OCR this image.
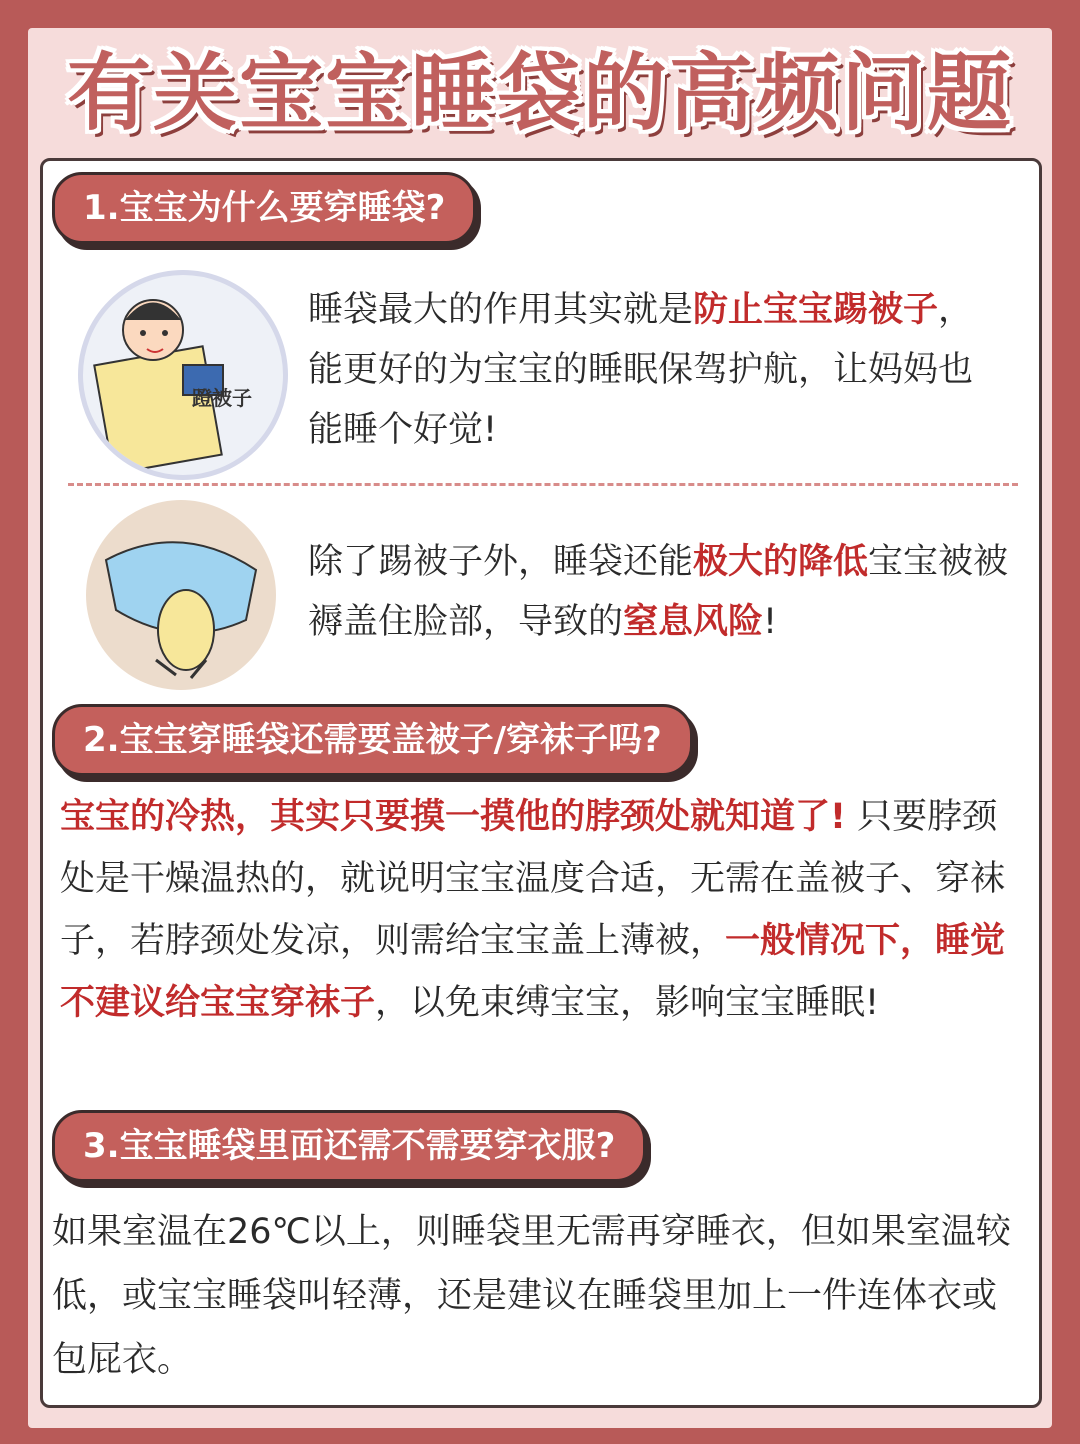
有关宝宝睡袋的高频问题
1.宝宝为什么要穿睡袋?
蹬被子
睡袋最大的作用其实就是防止宝宝踢被子，能更好的为宝宝的睡眠保驾护航，让妈妈也能睡个好觉!
除了踢被子外，睡袋还能极大的降低宝宝被被褥盖住脸部，导致的窒息风险!
2.宝宝穿睡袋还需要盖被子/穿袜子吗?
宝宝的冷热，其实只要摸一摸他的脖颈处就知道了! 只要脖颈处是干燥温热的，就说明宝宝温度合适，无需在盖被子、穿袜子，若脖颈处发凉，则需给宝宝盖上薄被，一般情况下，睡觉不建议给宝宝穿袜子，以免束缚宝宝，影响宝宝睡眠!
3.宝宝睡袋里面还需不需要穿衣服?
如果室温在26℃以上，则睡袋里无需再穿睡衣，但如果室温较低，或宝宝睡袋叫轻薄，还是建议在睡袋里加上一件连体衣或包屁衣。
